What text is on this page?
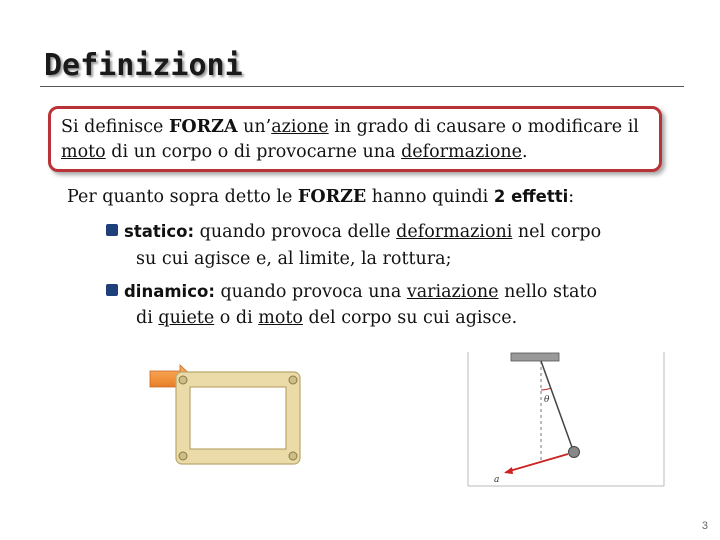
Definizioni
Si definisce FORZA un’azione in grado di causare o modificare il
moto di un corpo o di provocarne una deformazione.
Per quanto sopra detto le FORZE hanno quindi 2 effetti:
statico: quando provoca delle deformazioni nel corpo
su cui agisce e, al limite, la rottura;
dinamico: quando provoca una variazione nello stato
di quiete o di moto del corpo su cui agisce.
θ
a
3
